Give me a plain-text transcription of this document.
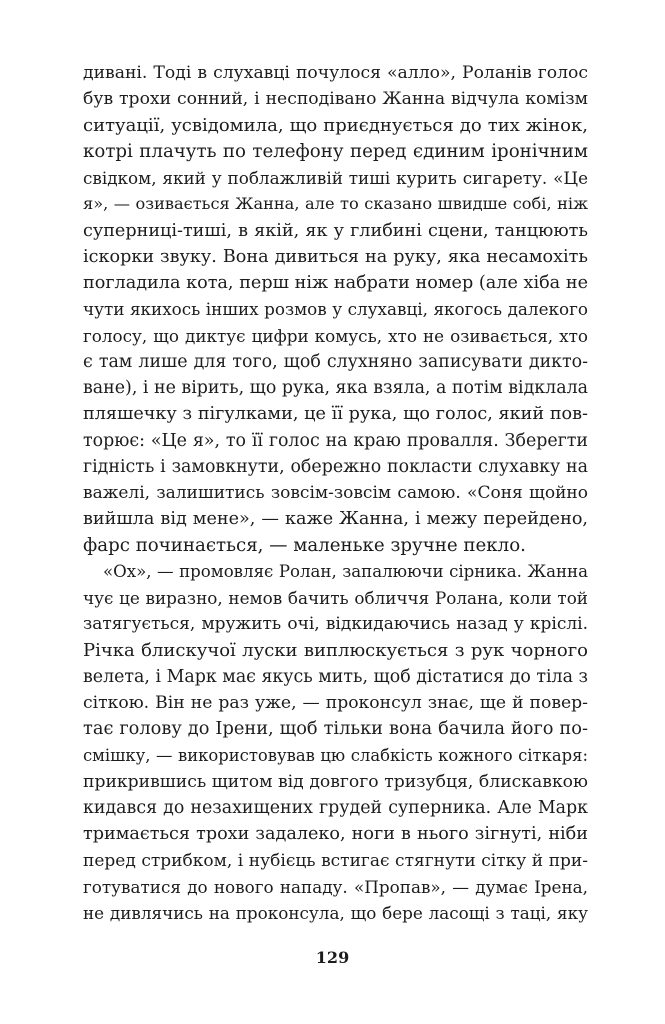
дивані. Тоді в слухавці почулося «алло», Роланів голос
був трохи сонний, і несподівано Жанна відчула комізм
ситуації, усвідомила, що приєднується до тих жінок,
котрі плачуть по телефону перед єдиним іронічним
свідком, який у поблажливій тиші курить сигарету. «Це
я», — озивається Жанна, але то сказано швидше собі, ніж
суперниці-тиші, в якій, як у глибині сцени, танцюють
іскорки звуку. Вона дивиться на руку, яка несамохіть
погладила кота, перш ніж набрати номер (але хіба не
чути якихось інших розмов у слухавці, якогось далекого
голосу, що диктує цифри комусь, хто не озивається, хто
є там лише для того, щоб слухняно записувати дикто-
ване), і не вірить, що рука, яка взяла, а потім відклала
пляшечку з пігулками, це її рука, що голос, який пов-
торює: «Це я», то її голос на краю провалля. Зберегти
гідність і замовкнути, обережно покласти слухавку на
важелі, залишитись зовсім-зовсім самою. «Соня щойно
вийшла від мене», — каже Жанна, і межу перейдено,
фарс починається, — маленьке зручне пекло.
«Ох», — промовляє Ролан, запалюючи сірника. Жанна
чує це виразно, немов бачить обличчя Ролана, коли той
затягується, мружить очі, відкидаючись назад у кріслі.
Річка блискучої луски виплюскується з рук чорного
велета, і Марк має якусь мить, щоб дістатися до тіла з
сіткою. Він не раз уже, — проконсул знає, ще й повер-
тає голову до Ірени, щоб тільки вона бачила його по-
смішку, — використовував цю слабкість кожного сіткаря:
прикрившись щитом від довгого тризубця, блискавкою
кидався до незахищених грудей суперника. Але Марк
тримається трохи задалеко, ноги в нього зігнуті, ніби
перед стрибком, і нубієць встигає стягнути сітку й при-
готуватися до нового нападу. «Пропав», — думає Ірена,
не дивлячись на проконсула, що бере ласощі з таці, яку
129
